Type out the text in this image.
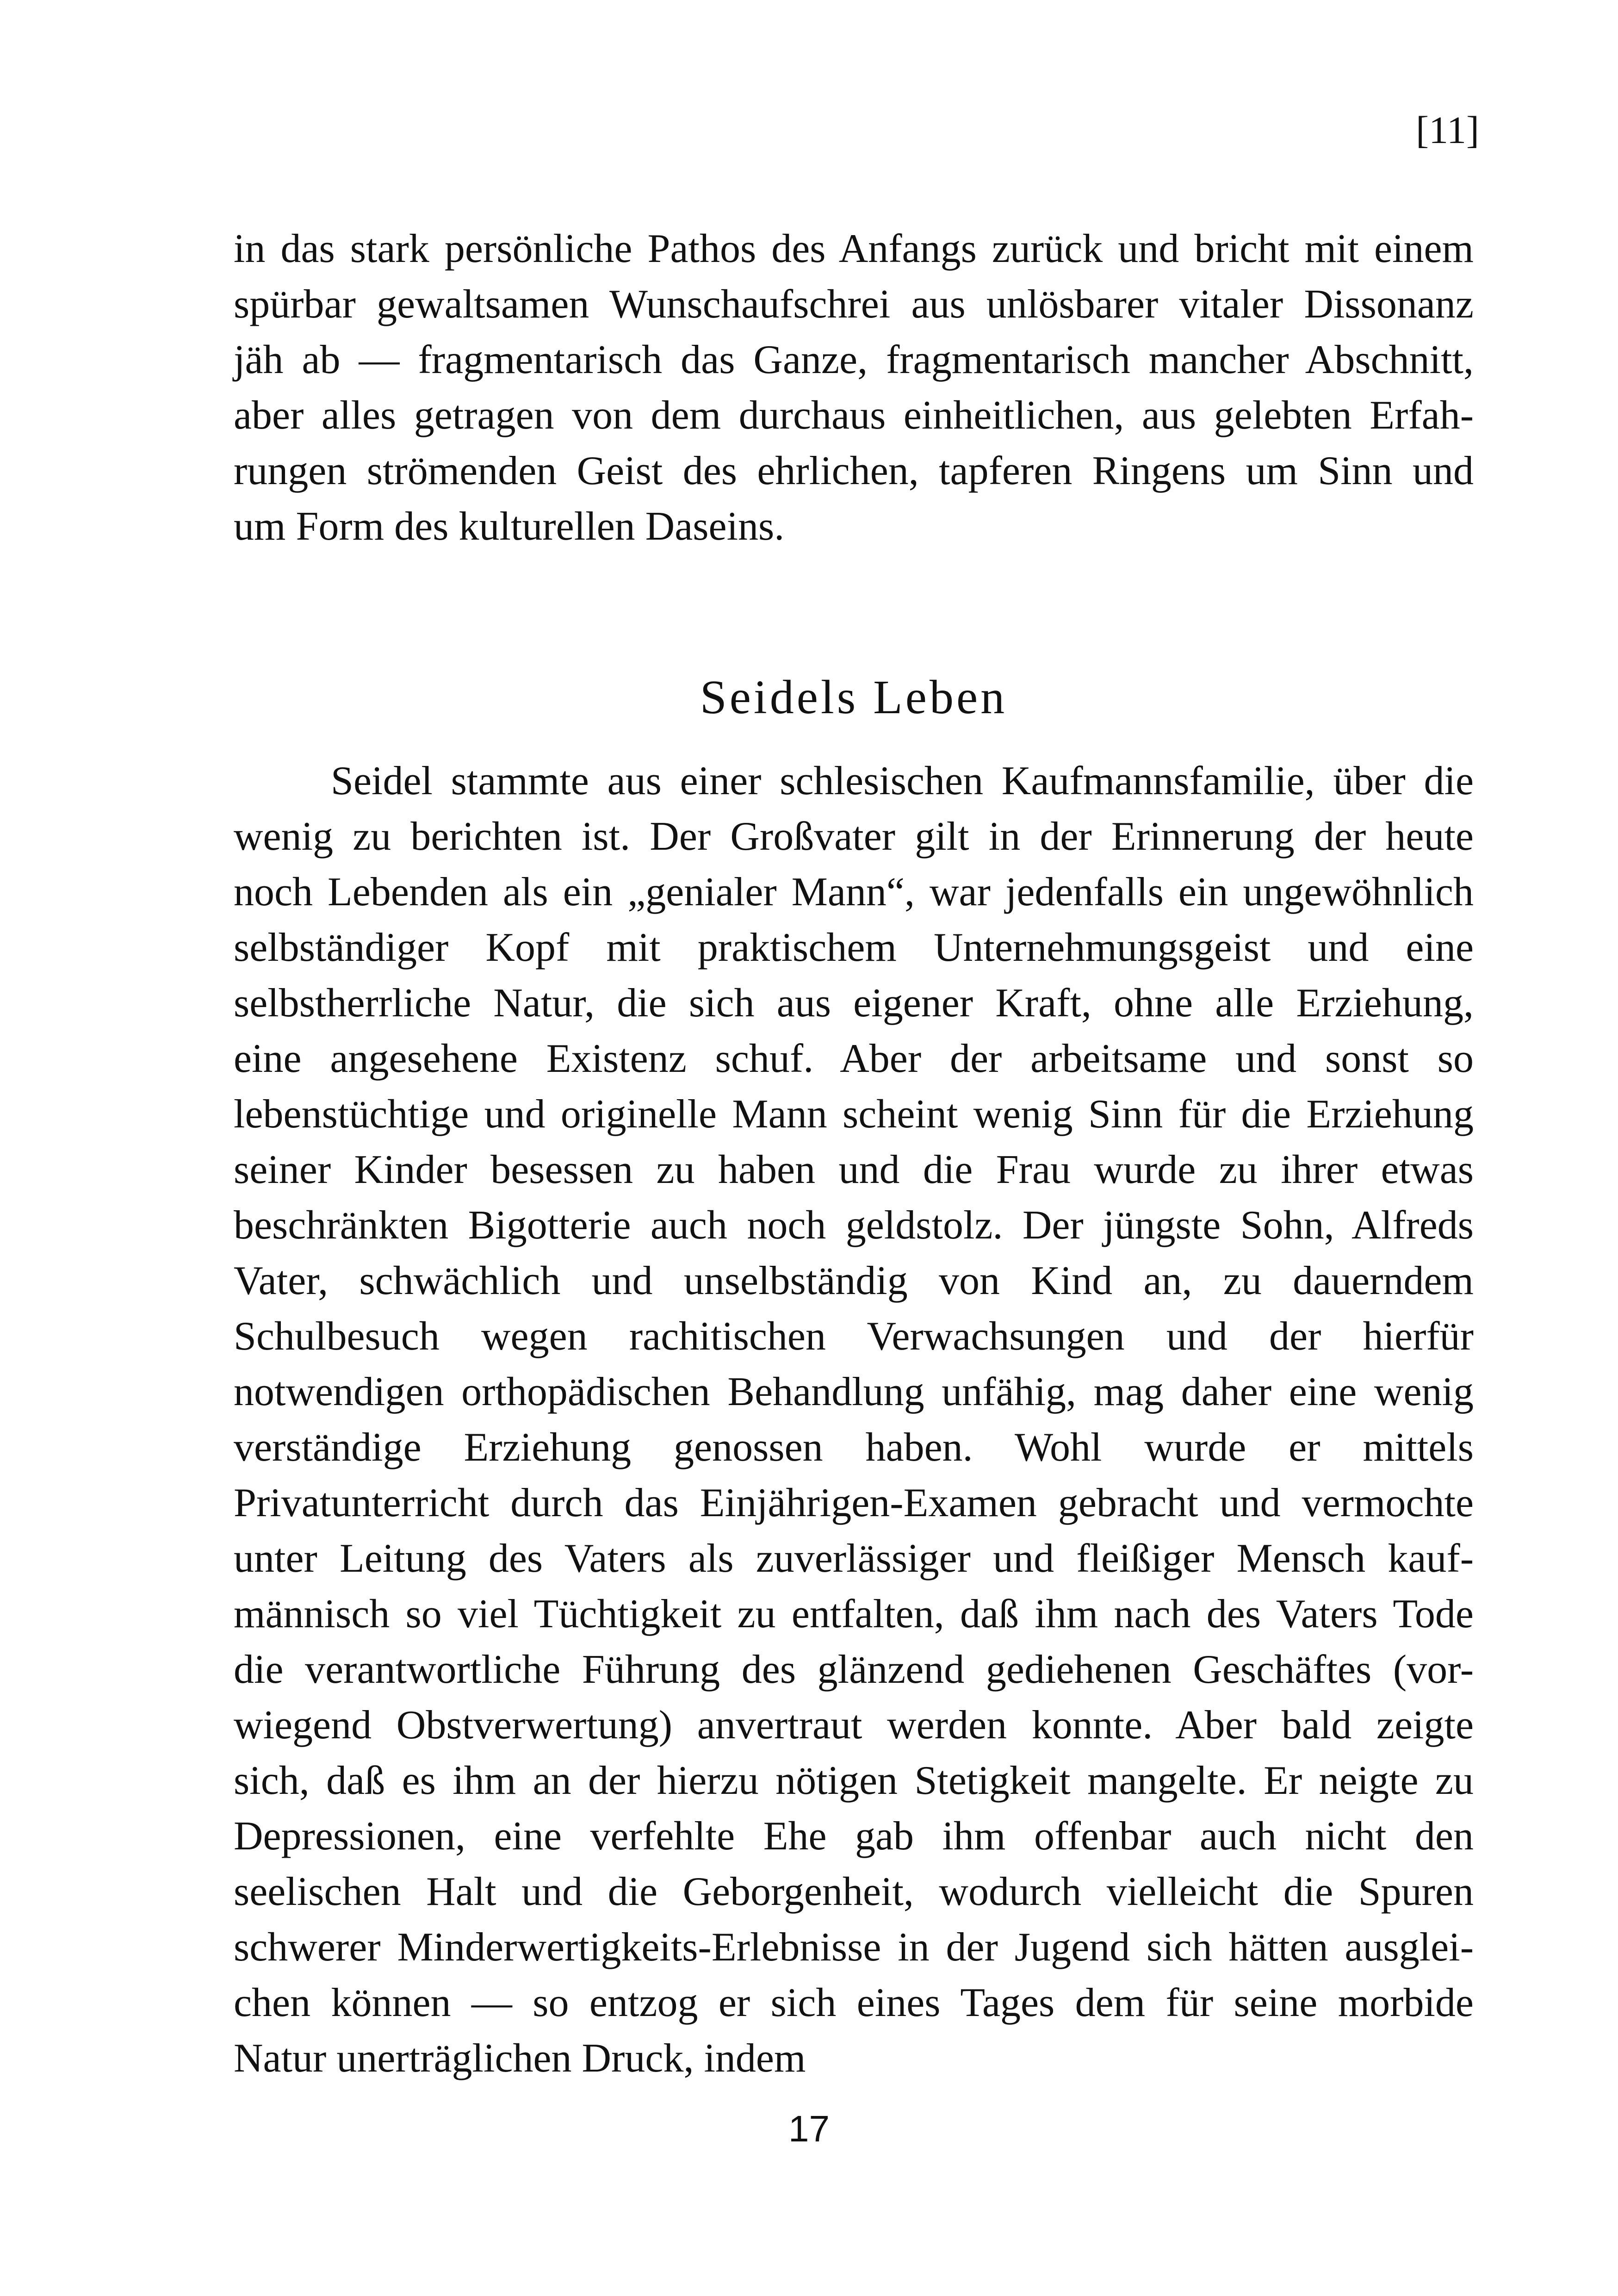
[11]
in das stark persönliche Pathos des Anfangs zurück und bricht mit einem
spürbar gewaltsamen Wunschaufschrei aus unlösbarer vitaler Dissonanz
jäh ab — fragmentarisch das Ganze, fragmentarisch mancher Abschnitt,
aber alles getragen von dem durchaus einheitlichen, aus gelebten Erfah-
rungen strömenden Geist des ehrlichen, tapferen Ringens um Sinn und
um Form des kulturellen Daseins.
Seidels Leben
Seidel stammte aus einer schlesischen Kaufmannsfamilie, über die
wenig zu berichten ist. Der Großvater gilt in der Erinnerung der heute
noch Lebenden als ein „genialer Mann“, war jedenfalls ein ungewöhnlich
selbständiger Kopf mit praktischem Unternehmungsgeist und eine
selbstherrliche Natur, die sich aus eigener Kraft, ohne alle Erziehung,
eine angesehene Existenz schuf. Aber der arbeitsame und sonst so
lebenstüchtige und originelle Mann scheint wenig Sinn für die Erziehung
seiner Kinder besessen zu haben und die Frau wurde zu ihrer etwas
beschränkten Bigotterie auch noch geldstolz. Der jüngste Sohn, Alfreds
Vater, schwächlich und unselbständig von Kind an, zu dauerndem
Schulbesuch wegen rachitischen Verwachsungen und der hierfür
notwendigen orthopädischen Behandlung unfähig, mag daher eine wenig
verständige Erziehung genossen haben. Wohl wurde er mittels
Privatunterricht durch das Einjährigen-Examen gebracht und vermochte
unter Leitung des Vaters als zuverlässiger und fleißiger Mensch kauf-
männisch so viel Tüchtigkeit zu entfalten, daß ihm nach des Vaters Tode
die verantwortliche Führung des glänzend gediehenen Geschäftes (vor-
wiegend Obstverwertung) anvertraut werden konnte. Aber bald zeigte
sich, daß es ihm an der hierzu nötigen Stetigkeit mangelte. Er neigte zu
Depressionen, eine verfehlte Ehe gab ihm offenbar auch nicht den
seelischen Halt und die Geborgenheit, wodurch vielleicht die Spuren
schwerer Minderwertigkeits-Erlebnisse in der Jugend sich hätten ausglei-
chen können — so entzog er sich eines Tages dem für seine morbide
Natur unerträglichen Druck, indem
17
